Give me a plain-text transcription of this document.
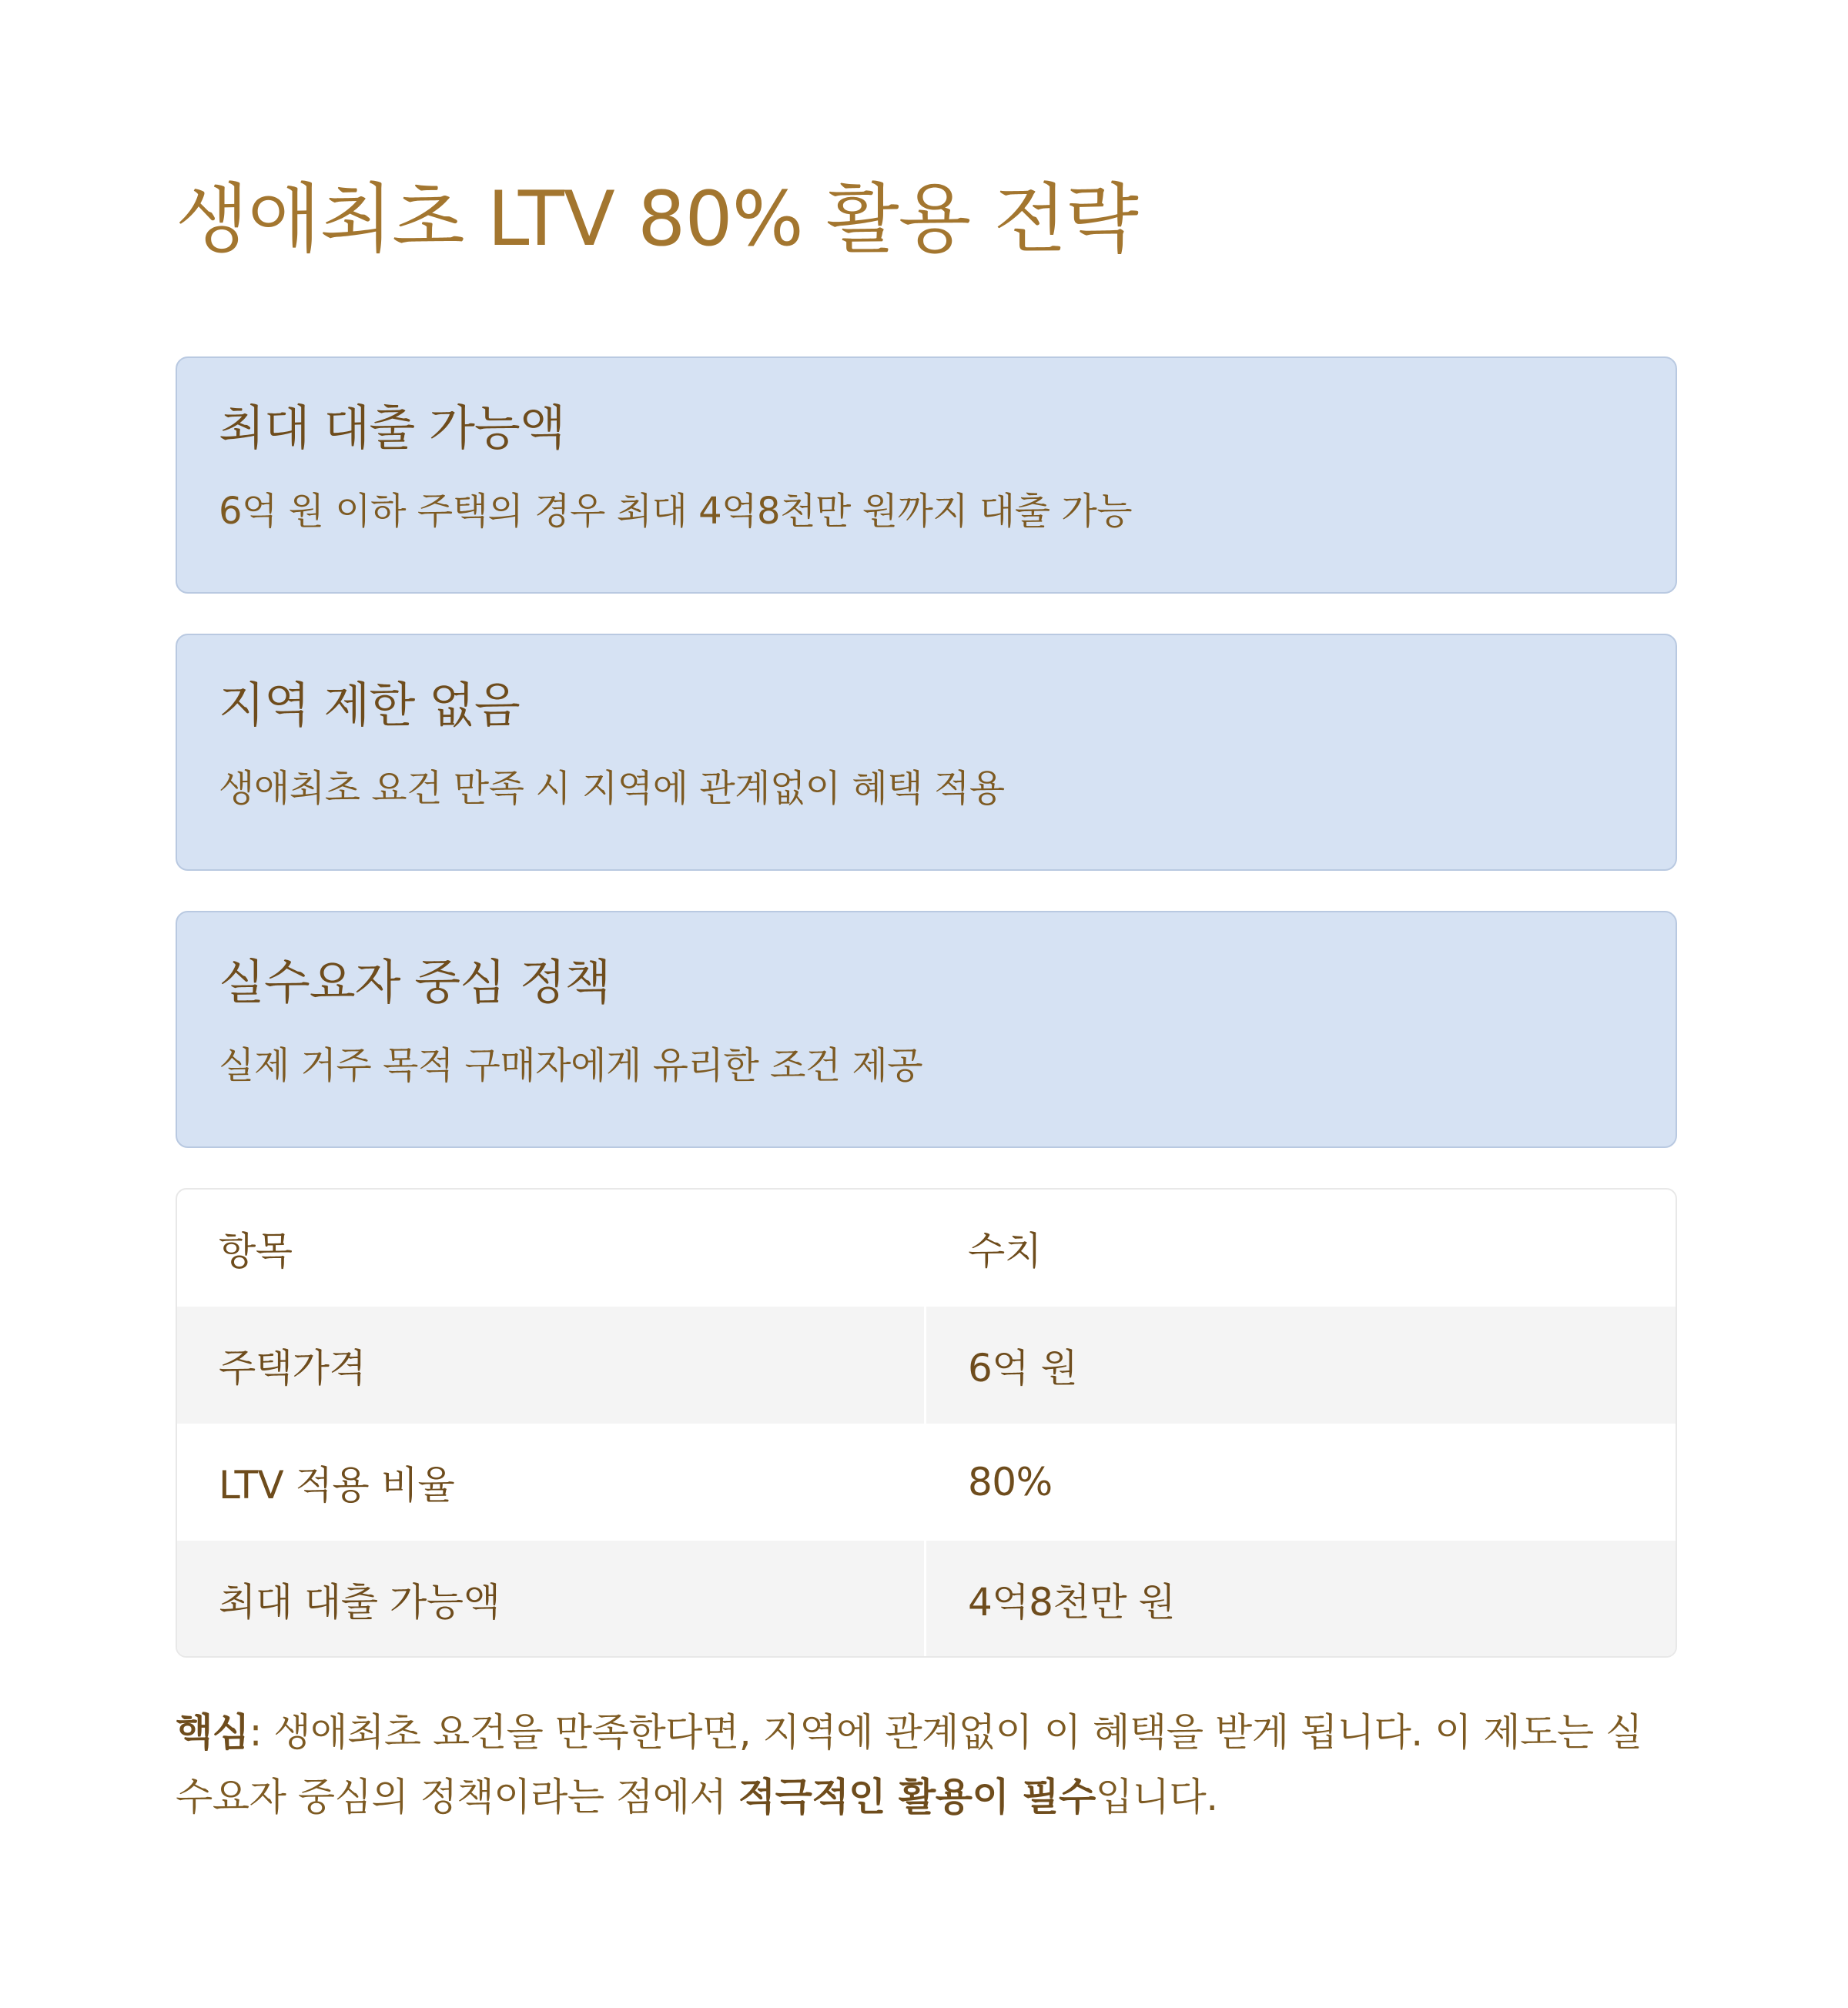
생애최초 LTV 80% 활용 전략
최대 대출 가능액
6억 원 이하 주택의 경우 최대 4억8천만 원까지 대출 가능
지역 제한 없음
생애최초 요건 만족 시 지역에 관계없이 혜택 적용
실수요자 중심 정책
실제 거주 목적 구매자에게 유리한 조건 제공
항목	수치
주택가격	6억 원
LTV 적용 비율	80%
최대 대출 가능액	4억8천만 원

핵심: 생애최초 요건을 만족한다면, 지역에 관계없이 이 혜택을 받게 됩니다. 이 제도는 실수요자 중심의 정책이라는 점에서 적극적인 활용이 필수입니다.
